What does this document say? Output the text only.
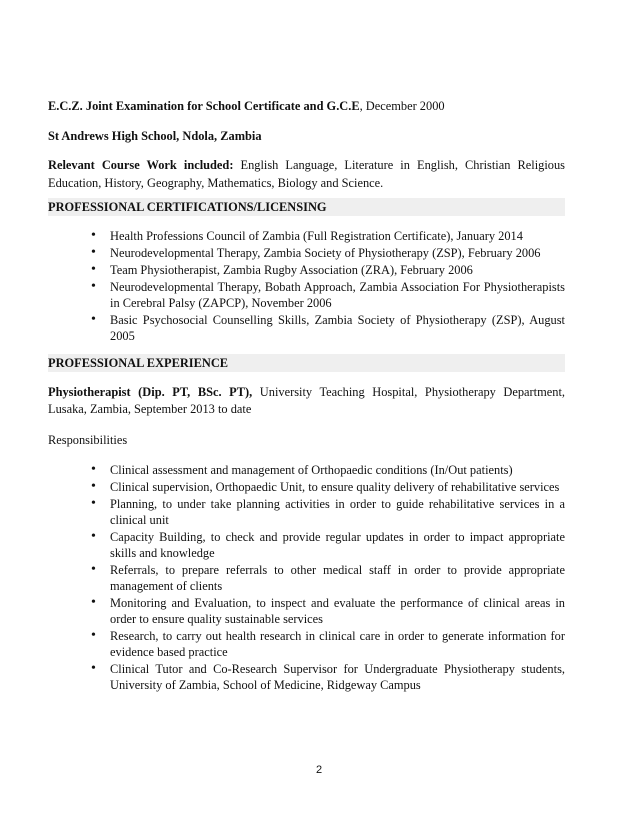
E.C.Z. Joint Examination for School Certificate and G.C.E, December 2000

St Andrews High School, Ndola, Zambia

Relevant Course Work included: English Language, Literature in English, Christian Religious Education, History, Geography, Mathematics, Biology and Science.

PROFESSIONAL CERTIFICATIONS/LICENSING
• Health Professions Council of Zambia (Full Registration Certificate), January 2014
• Neurodevelopmental Therapy, Zambia Society of Physiotherapy (ZSP), February 2006
• Team Physiotherapist, Zambia Rugby Association (ZRA), February 2006
• Neurodevelopmental Therapy, Bobath Approach, Zambia Association For Physiotherapists in Cerebral Palsy (ZAPCP), November 2006
• Basic Psychosocial Counselling Skills, Zambia Society of Physiotherapy (ZSP), August 2005
PROFESSIONAL EXPERIENCE

Physiotherapist (Dip. PT, BSc. PT), University Teaching Hospital, Physiotherapy Department, Lusaka, Zambia, September 2013 to date

Responsibilities

• Clinical assessment and management of Orthopaedic conditions (In/Out patients)
• Clinical supervision, Orthopaedic Unit, to ensure quality delivery of rehabilitative services
• Planning, to under take planning activities in order to guide rehabilitative services in a clinical unit
• Capacity Building, to check and provide regular updates in order to impact appropriate skills and knowledge
• Referrals, to prepare referrals to other medical staff in order to provide appropriate management of clients
• Monitoring and Evaluation, to inspect and evaluate the performance of clinical areas in order to ensure quality sustainable services
• Research, to carry out health research in clinical care in order to generate information for evidence based practice
• Clinical Tutor and Co-Research Supervisor for Undergraduate Physiotherapy students, University of Zambia, School of Medicine, Ridgeway Campus
2
